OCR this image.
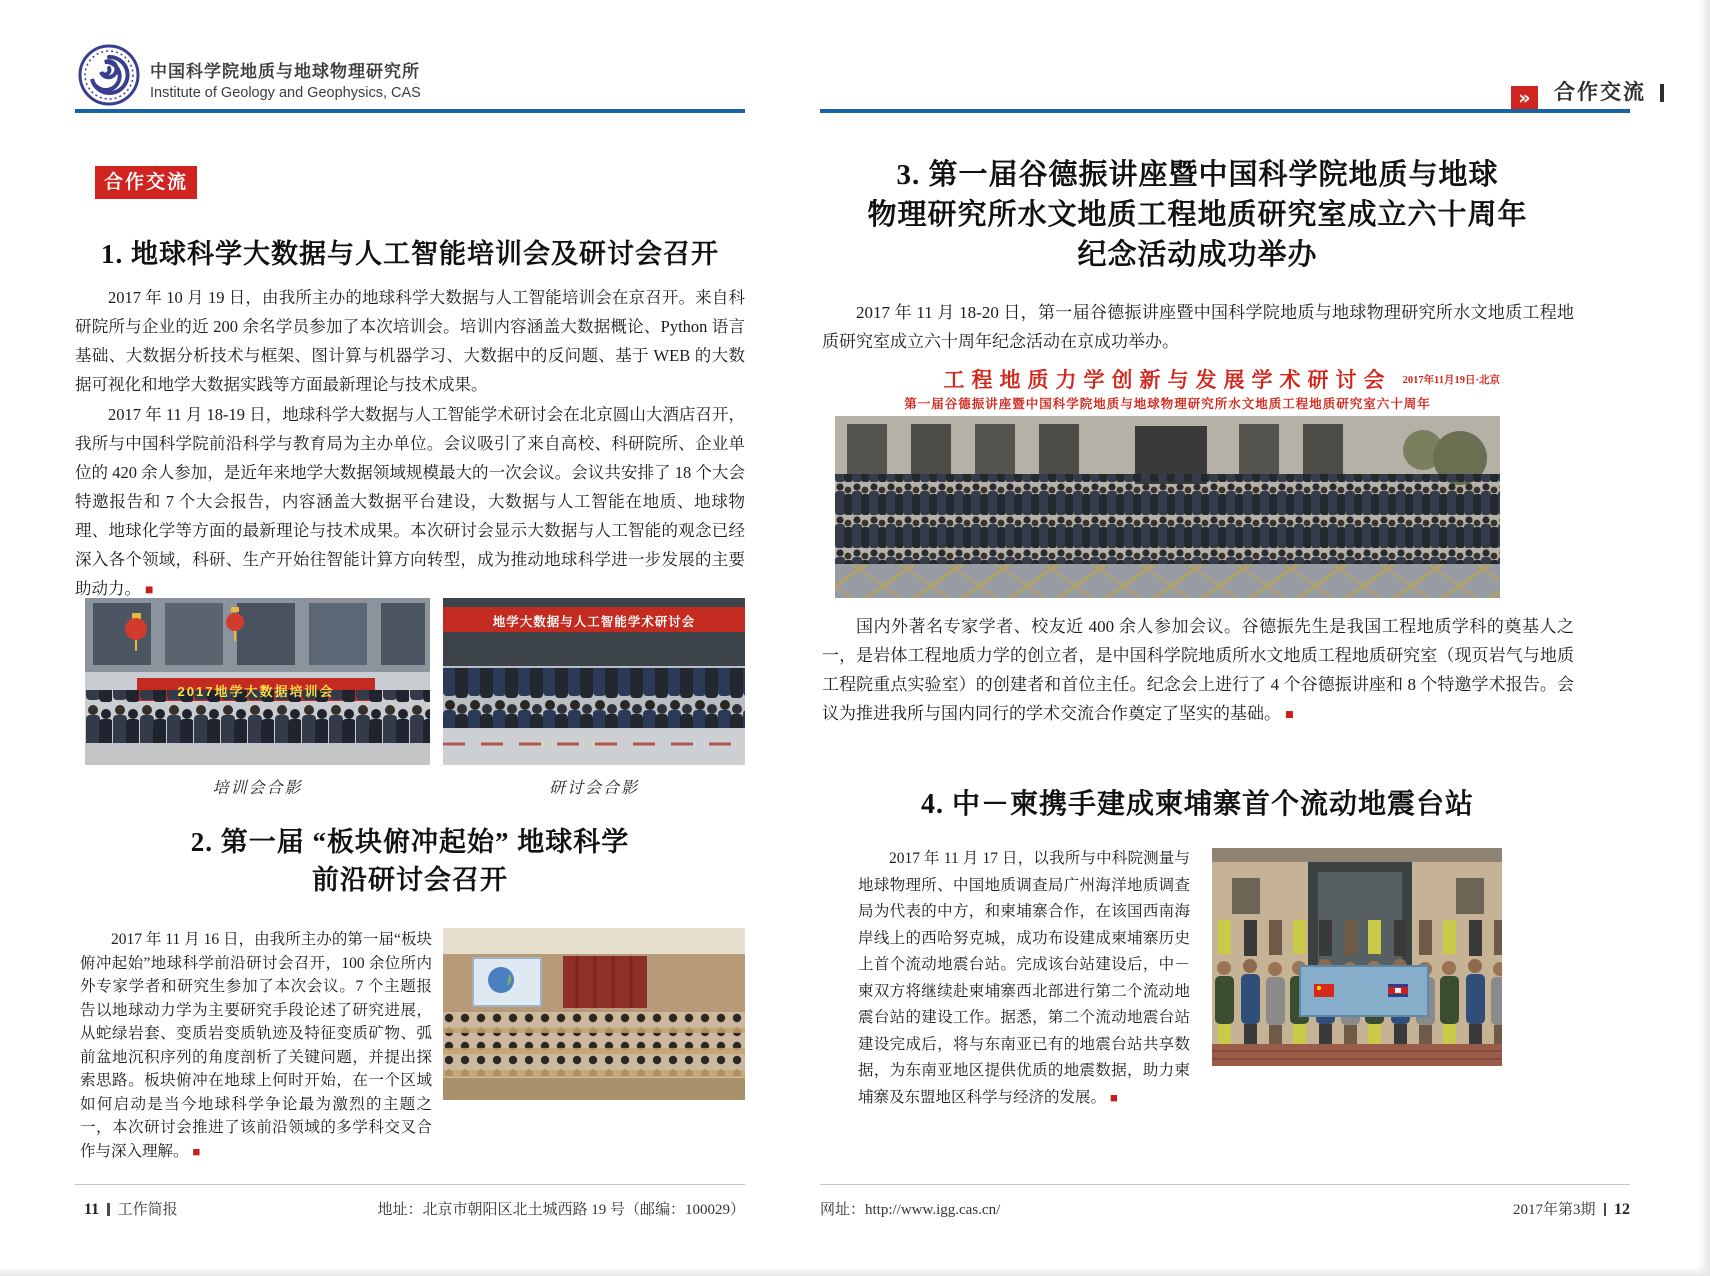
中国科学院地质与地球物理研究所
Institute of Geology and Geophysics, CAS	» 合作交流
合作交流
1. 地球科学大数据与人工智能培训会及研讨会召开

2017 年 10 月 19 日，由我所主办的地球科学大数据与人工智能培训会在京召开。来自科研院所与企业的近 200 余名学员参加了本次培训会。培训内容涵盖大数据概论、Python 语言基础、大数据分析技术与框架、图计算与机器学习、大数据中的反问题、基于 WEB 的大数据可视化和地学大数据实践等方面最新理论与技术成果。

2017 年 11 月 18-19 日，地球科学大数据与人工智能学术研讨会在北京圆山大酒店召开，我所与中国科学院前沿科学与教育局为主办单位。会议吸引了来自高校、科研院所、企业单位的 420 余人参加，是近年来地学大数据领域规模最大的一次会议。会议共安排了 18 个大会特邀报告和 7 个大会报告，内容涵盖大数据平台建设，大数据与人工智能在地质、地球物理、地球化学等方面的最新理论与技术成果。本次研讨会显示大数据与人工智能的观念已经深入各个领域，科研、生产开始往智能计算方向转型，成为推动地球科学进一步发展的主要助动力。 ■

2017地学大数据培训会
地学大数据与人工智能学术研讨会
培训会合影	研讨会合影
2. 第一届 “板块俯冲起始” 地球科学
前沿研讨会召开

2017 年 11 月 16 日，由我所主办的第一届“板块俯冲起始”地球科学前沿研讨会召开，100 余位所内外专家学者和研究生参加了本次会议。7 个主题报告以地球动力学为主要研究手段论述了研究进展，从蛇绿岩套、变质岩变质轨迹及特征变质矿物、弧前盆地沉积序列的角度剖析了关键问题，并提出探索思路。板块俯冲在地球上何时开始，在一个区域如何启动是当今地球科学争论最为激烈的主题之一，本次研讨会推进了该前沿领域的多学科交叉合作与深入理解。 ■

3. 第一届谷德振讲座暨中国科学院地质与地球
物理研究所水文地质工程地质研究室成立六十周年
纪念活动成功举办

2017 年 11 月 18-20 日，第一届谷德振讲座暨中国科学院地质与地球物理研究所水文地质工程地质研究室成立六十周年纪念活动在京成功举办。

工程地质力学创新与发展学术研讨会
第一届谷德振讲座暨中国科学院地质与地球物理研究所水文地质工程地质研究室六十周年
2017年11月19日·北京

国内外著名专家学者、校友近 400 余人参加会议。谷德振先生是我国工程地质学科的奠基人之一，是岩体工程地质力学的创立者，是中国科学院地质所水文地质工程地质研究室（现页岩气与地质工程院重点实验室）的创建者和首位主任。纪念会上进行了 4 个谷德振讲座和 8 个特邀学术报告。会议为推进我所与国内同行的学术交流合作奠定了坚实的基础。 ■

4. 中－柬携手建成柬埔寨首个流动地震台站

2017 年 11 月 17 日，以我所与中科院测量与地球物理所、中国地质调查局广州海洋地质调查局为代表的中方，和柬埔寨合作，在该国西南海岸线上的西哈努克城，成功布设建成柬埔寨历史上首个流动地震台站。完成该台站建设后，中－柬双方将继续赴柬埔寨西北部进行第二个流动地震台站的建设工作。据悉，第二个流动地震台站建设完成后，将与东南亚已有的地震台站共享数据，为东南亚地区提供优质的地震数据，助力柬埔寨及东盟地区科学与经济的发展。 ■

11 工作简报	地址：北京市朝阳区北土城西路 19 号（邮编：100029）	网址：http://www.igg.cas.cn/	2017年第3期 12
